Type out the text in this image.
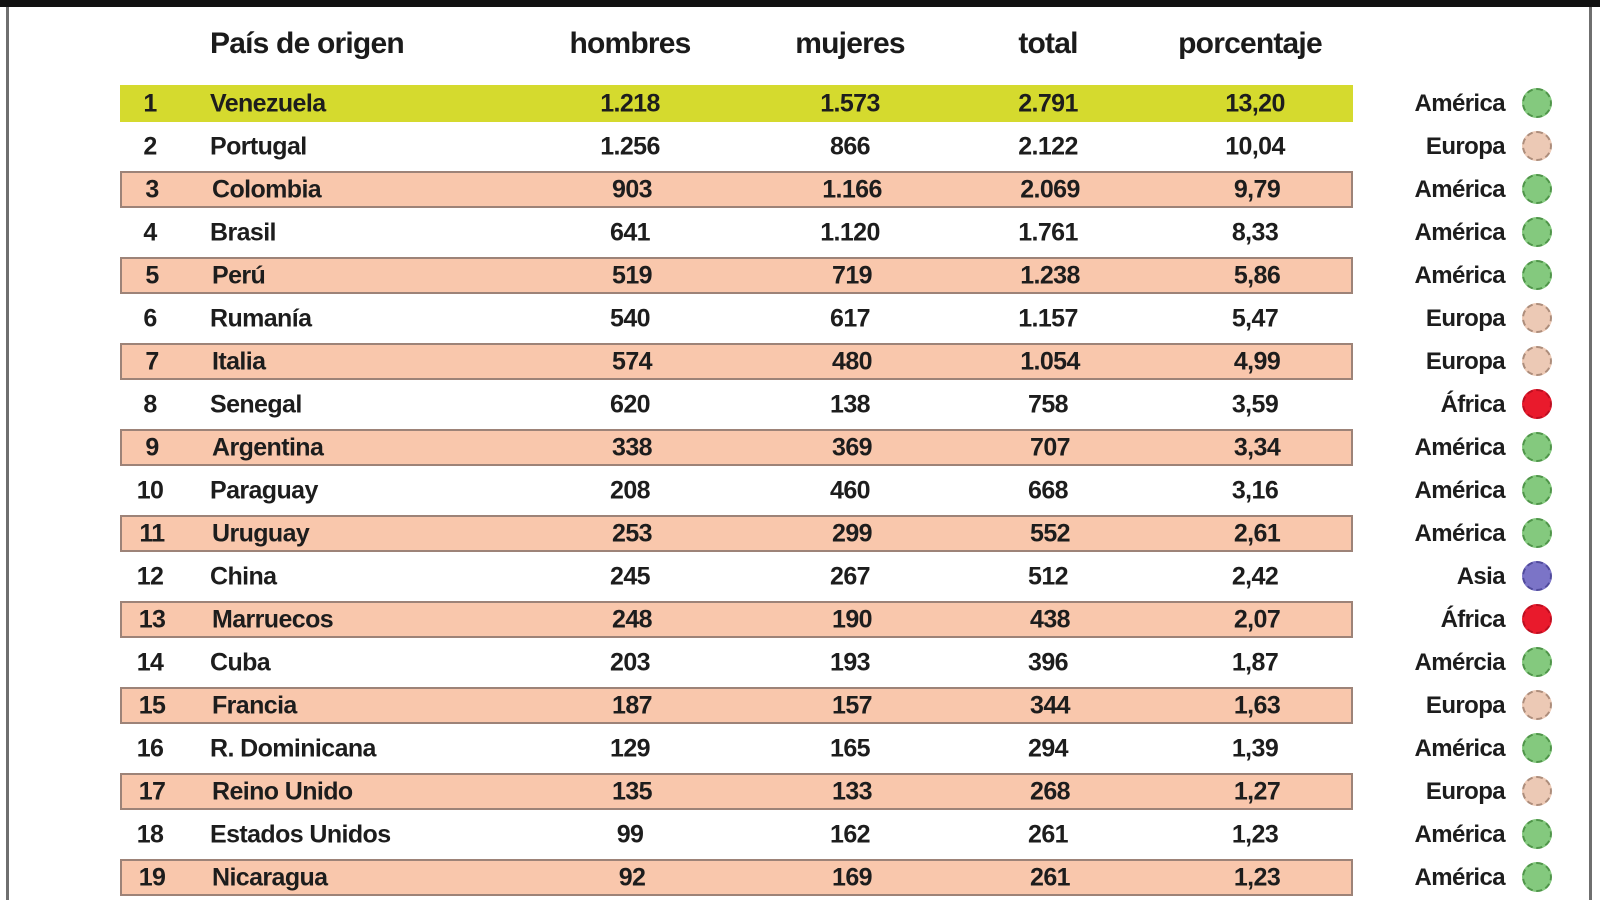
País de origen	hombres	mujeres	total	porcentaje
1	Venezuela	1.218	1.573	2.791	13,20	América
2	Portugal	1.256	866	2.122	10,04	Europa
3	Colombia	903	1.166	2.069	9,79	América
4	Brasil	641	1.120	1.761	8,33	América
5	Perú	519	719	1.238	5,86	América
6	Rumanía	540	617	1.157	5,47	Europa
7	Italia	574	480	1.054	4,99	Europa
8	Senegal	620	138	758	3,59	África
9	Argentina	338	369	707	3,34	América
10	Paraguay	208	460	668	3,16	América
11	Uruguay	253	299	552	2,61	América
12	China	245	267	512	2,42	Asia
13	Marruecos	248	190	438	2,07	África
14	Cuba	203	193	396	1,87	Amércia
15	Francia	187	157	344	1,63	Europa
16	R. Dominicana	129	165	294	1,39	América
17	Reino Unido	135	133	268	1,27	Europa
18	Estados Unidos	99	162	261	1,23	América
19	Nicaragua	92	169	261	1,23	América
